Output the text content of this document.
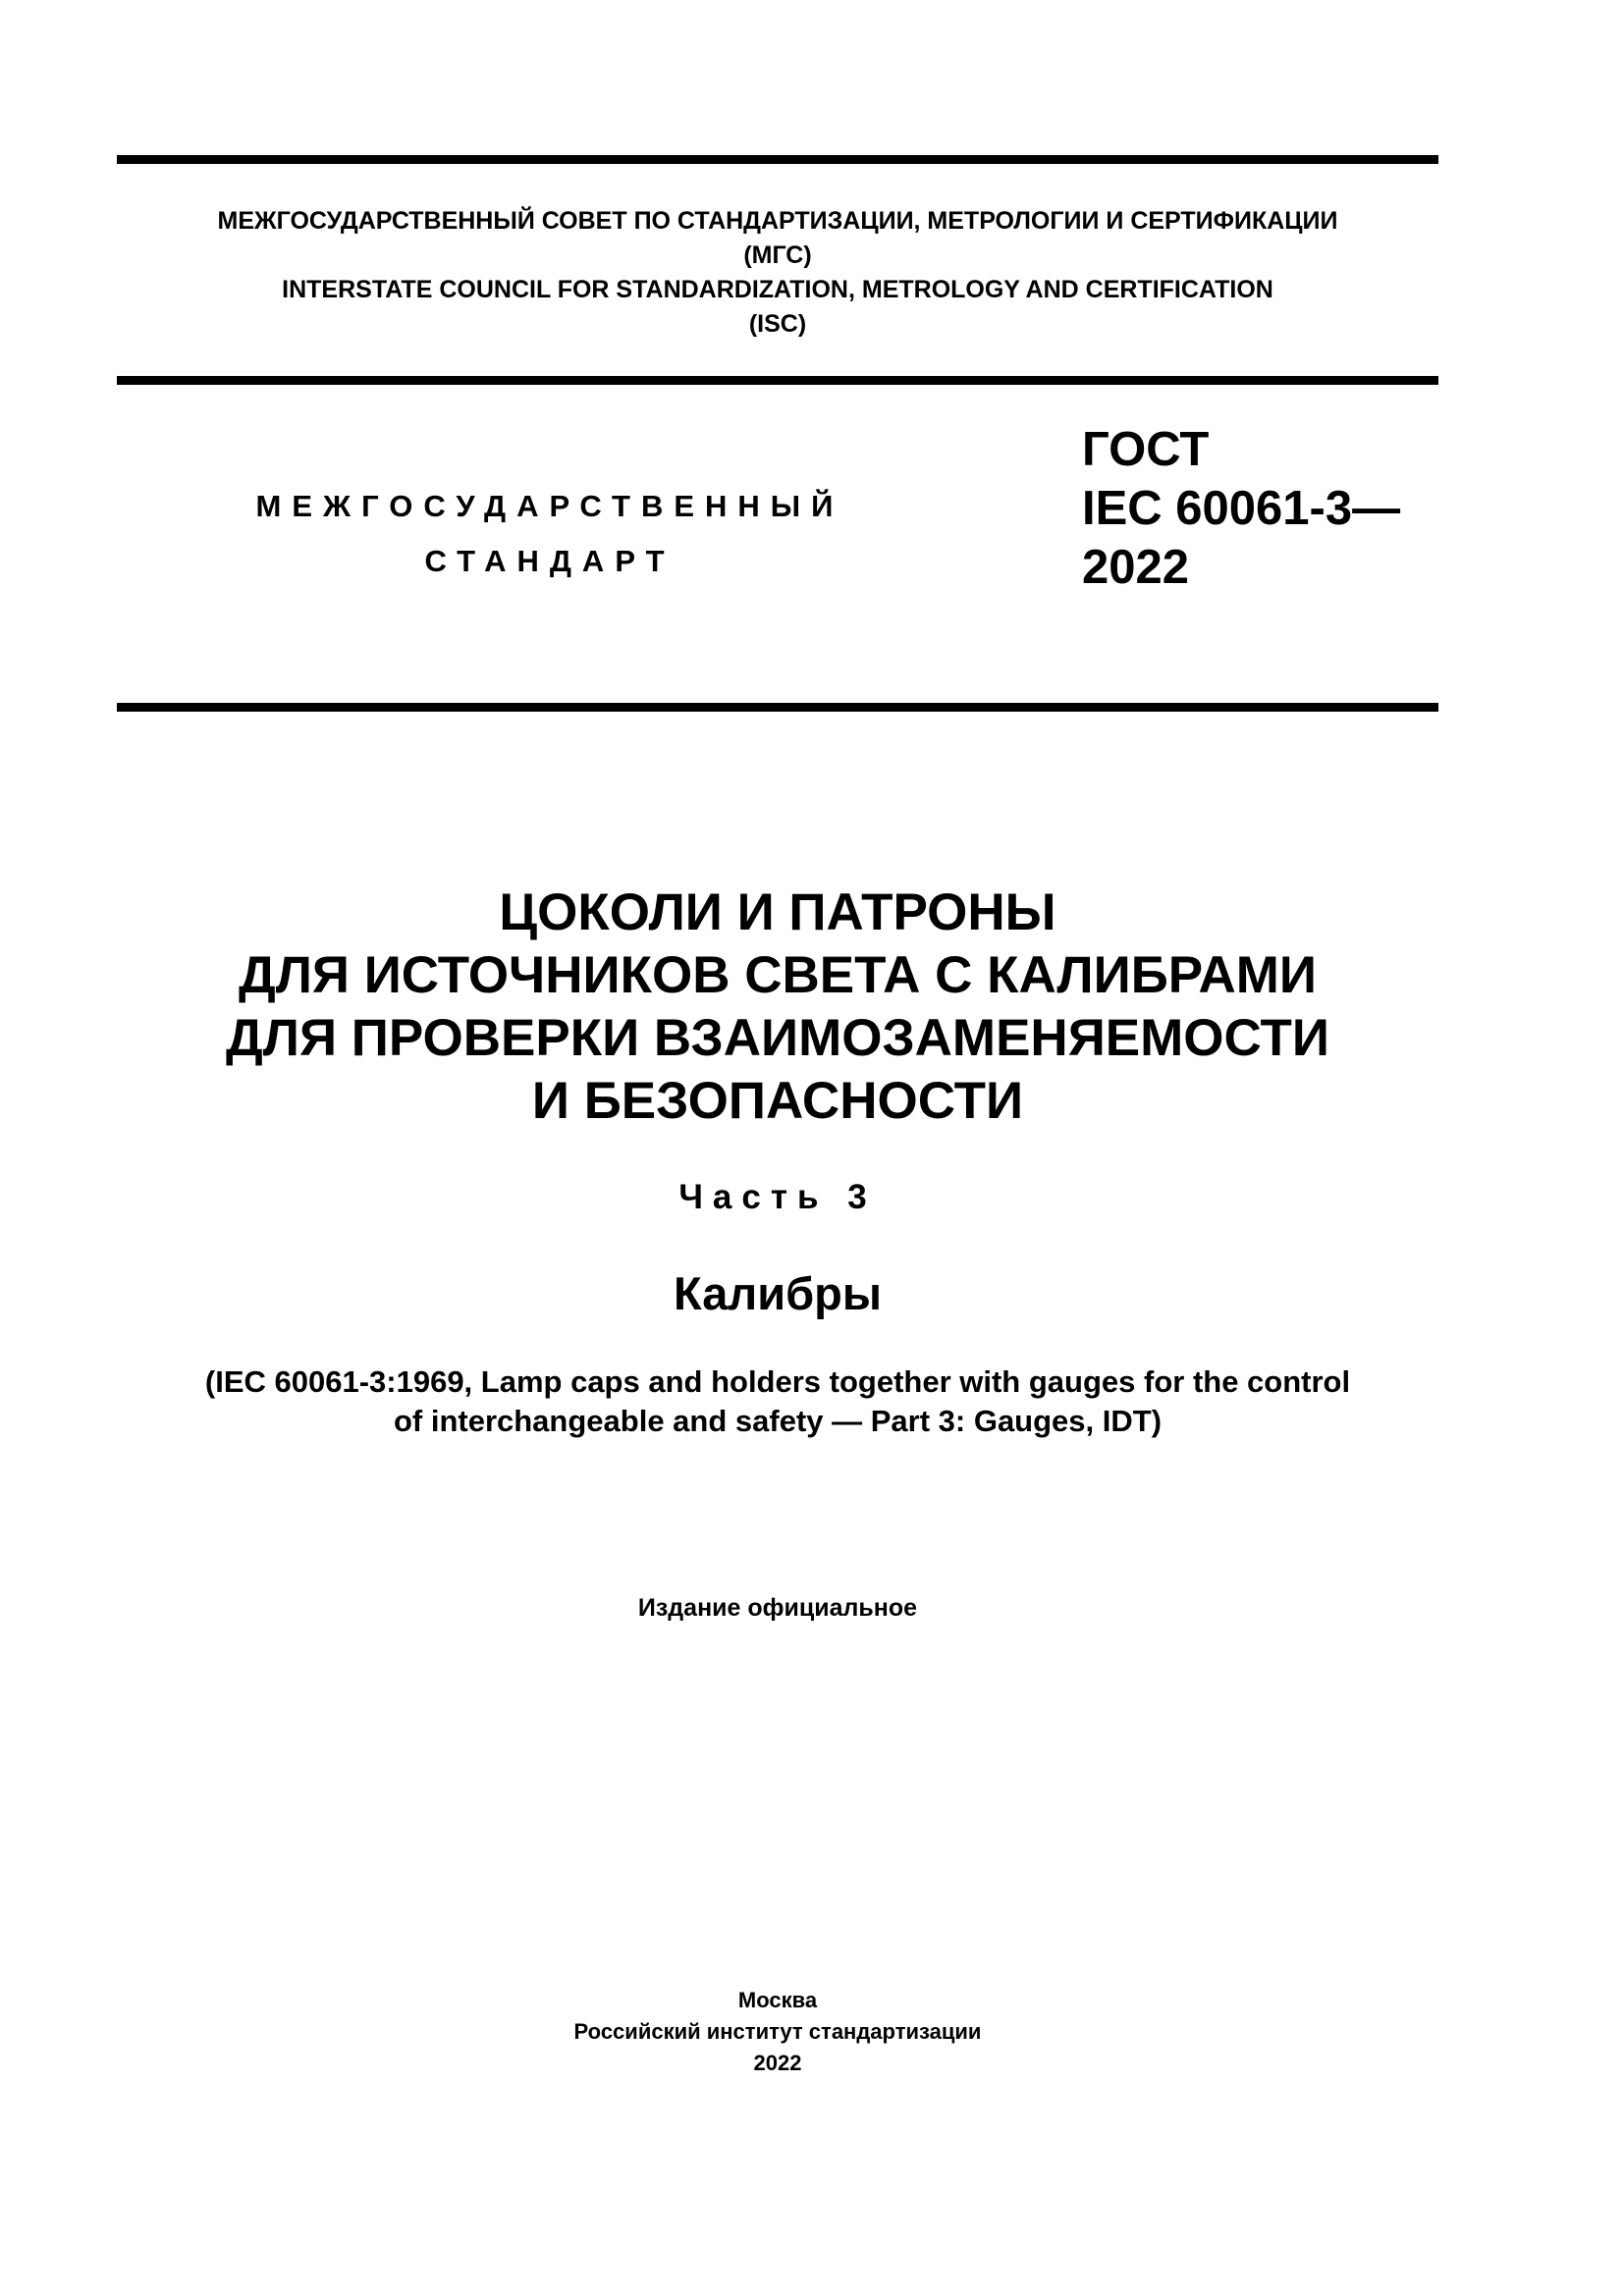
МЕЖГОСУДАРСТВЕННЫЙ СОВЕТ ПО СТАНДАРТИЗАЦИИ, МЕТРОЛОГИИ И СЕРТИФИКАЦИИ
(МГС)
INTERSTATE COUNCIL FOR STANDARDIZATION, METROLOGY AND CERTIFICATION
(ISC)
МЕЖГОСУДАРСТВЕННЫЙ
СТАНДАРТ
ГОСТ
IEC 60061-3—
2022
ЦОКОЛИ И ПАТРОНЫ
ДЛЯ ИСТОЧНИКОВ СВЕТА С КАЛИБРАМИ
ДЛЯ ПРОВЕРКИ ВЗАИМОЗАМЕНЯЕМОСТИ
И БЕЗОПАСНОСТИ
Часть 3
Калибры
(IEC 60061-3:1969, Lamp caps and holders together with gauges for the control
of interchangeable and safety — Part 3: Gauges, IDT)
Издание официальное
Москва
Российский институт стандартизации
2022
